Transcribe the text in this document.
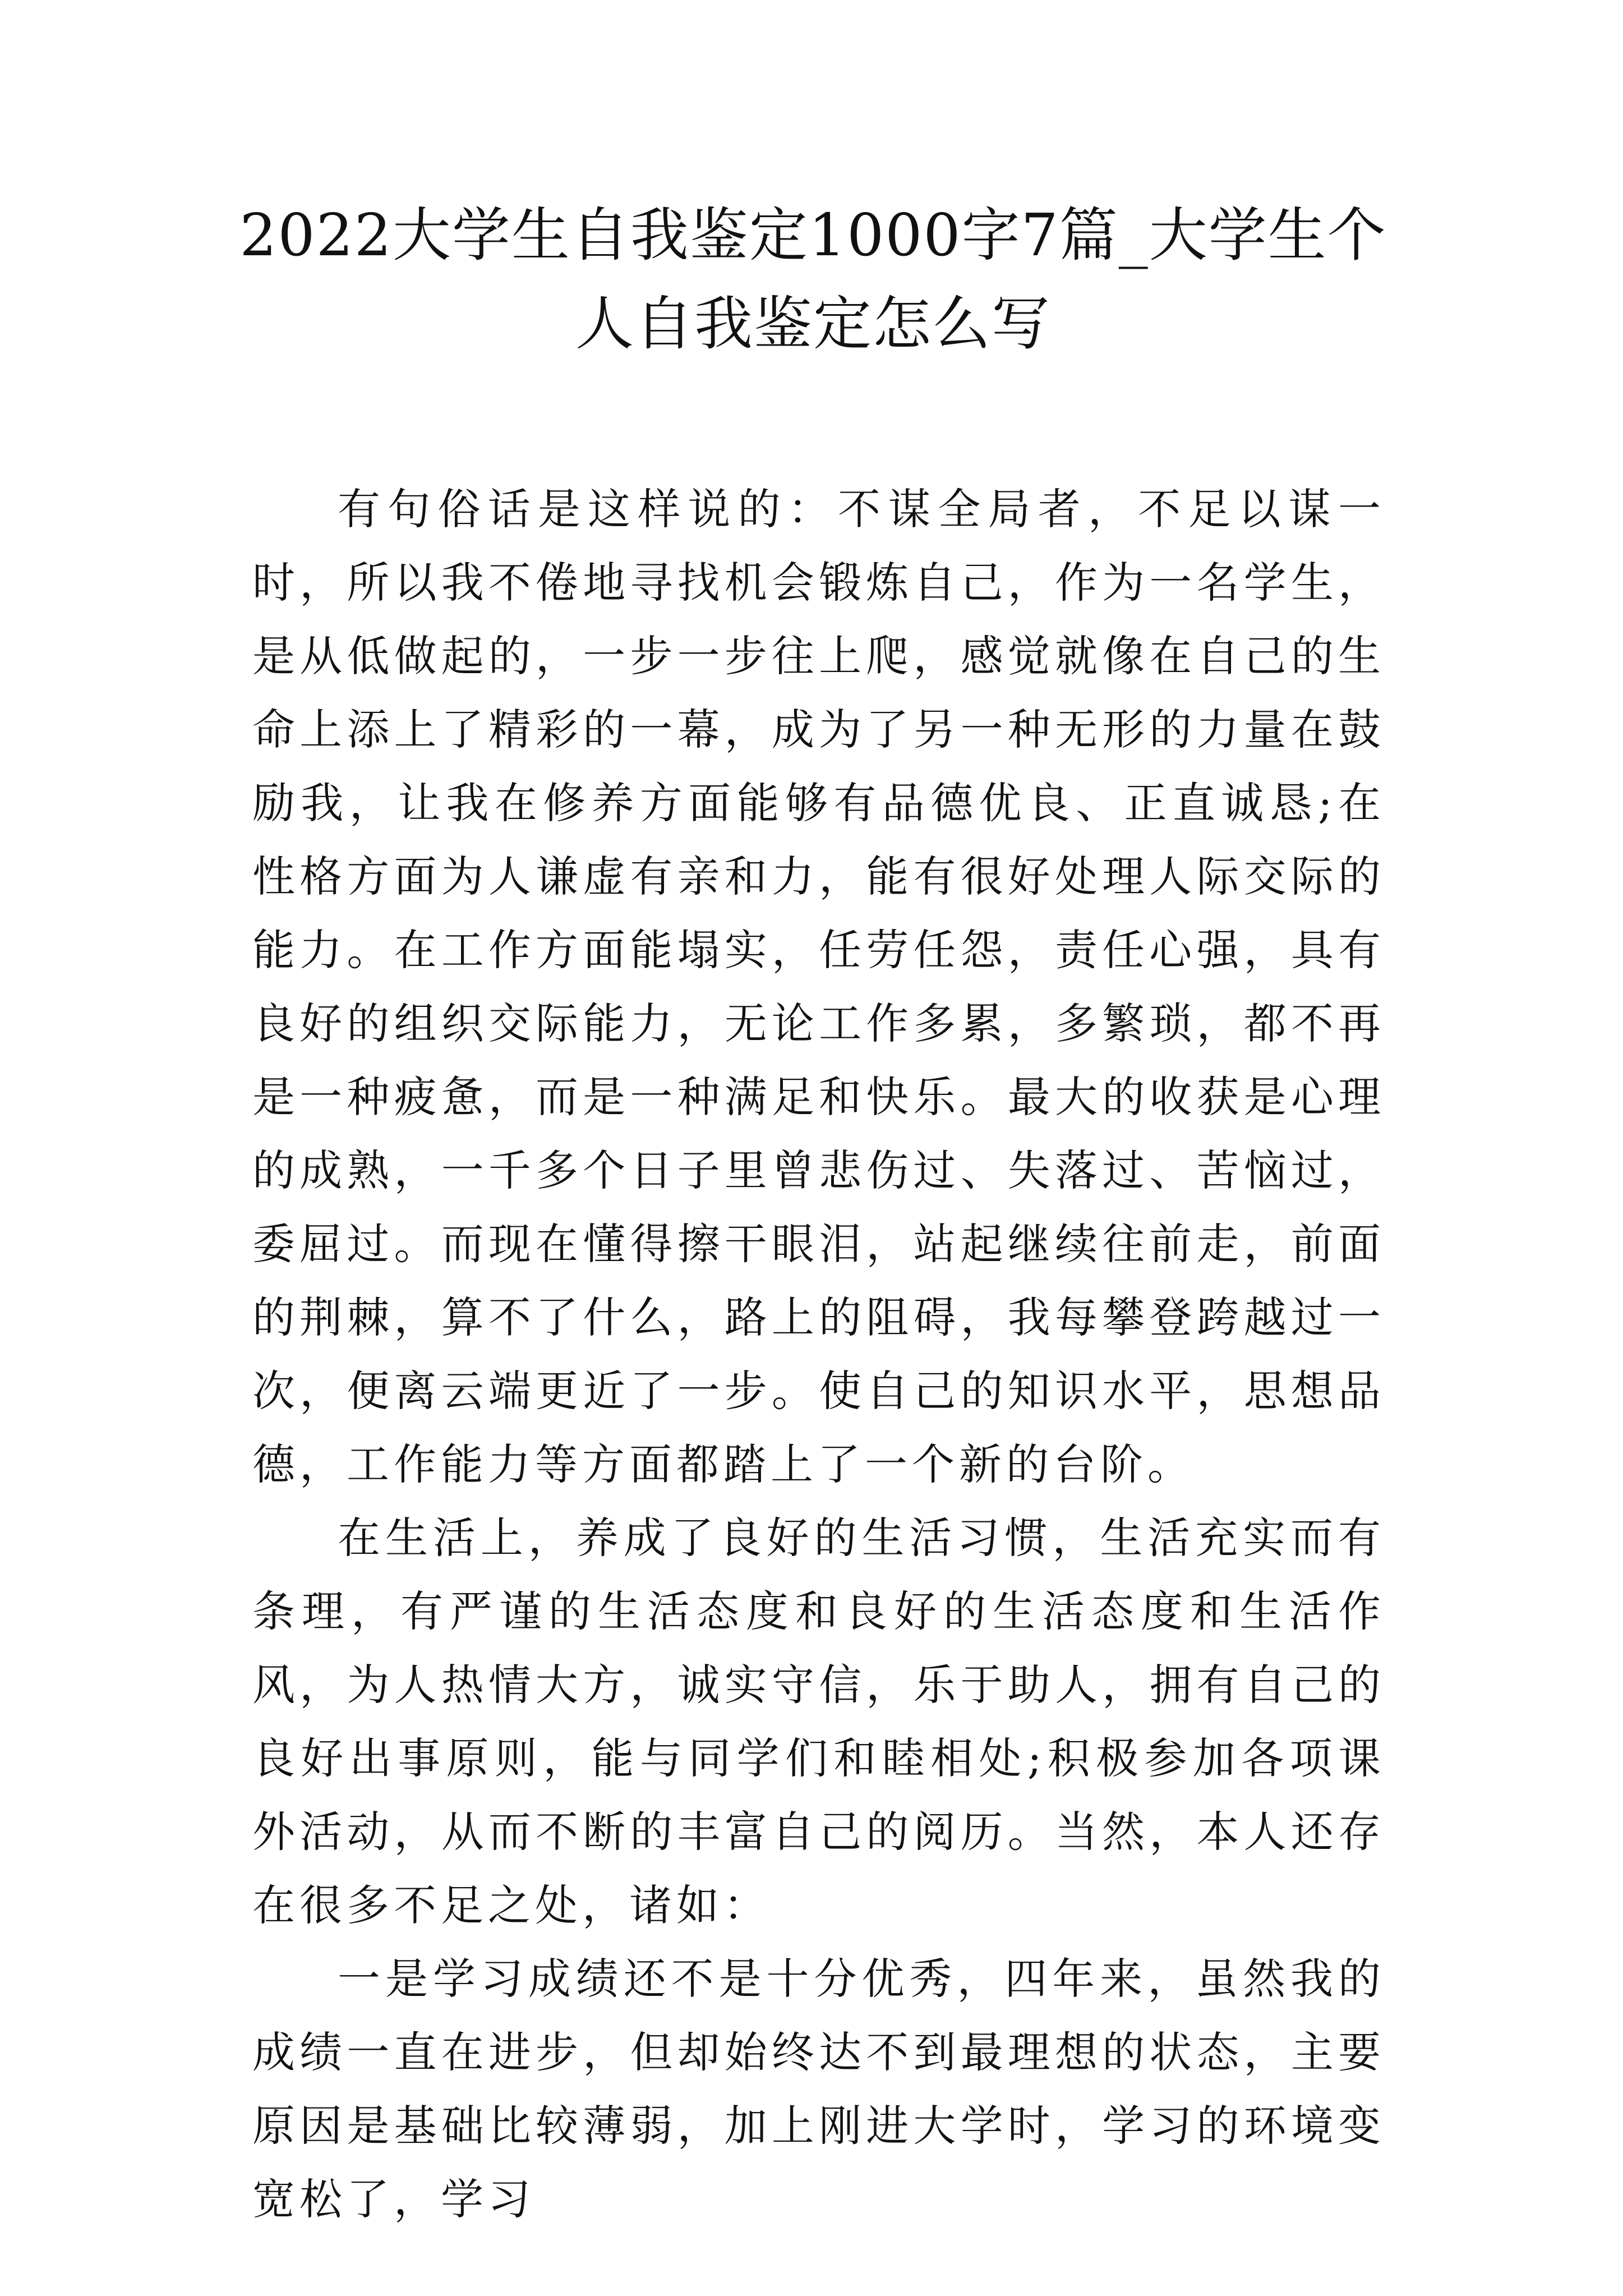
2022大学生自我鉴定1000字7篇_大学生个
人自我鉴定怎么写

有句俗话是这样说的：不谋全局者，不足以谋一时，所以我不倦地寻找机会锻炼自己，作为一名学生，是从低做起的，一步一步往上爬，感觉就像在自己的生命上添上了精彩的一幕，成为了另一种无形的力量在鼓励我，让我在修养方面能够有品德优良、正直诚恳;在性格方面为人谦虚有亲和力，能有很好处理人际交际的能力。在工作方面能塌实，任劳任怨，责任心强，具有良好的组织交际能力，无论工作多累，多繁琐，都不再是一种疲惫，而是一种满足和快乐。最大的收获是心理的成熟，一千多个日子里曾悲伤过、失落过、苦恼过，委屈过。而现在懂得擦干眼泪，站起继续往前走，前面的荆棘，算不了什么，路上的阻碍，我每攀登跨越过一次，便离云端更近了一步。使自己的知识水平，思想品德，工作能力等方面都踏上了一个新的台阶。

在生活上，养成了良好的生活习惯，生活充实而有条理，有严谨的生活态度和良好的生活态度和生活作风，为人热情大方，诚实守信，乐于助人，拥有自己的良好出事原则，能与同学们和睦相处;积极参加各项课外活动，从而不断的丰富自己的阅历。当然，本人还存在很多不足之处，诸如：

一是学习成绩还不是十分优秀，四年来，虽然我的成绩一直在进步，但却始终达不到最理想的状态，主要原因是基础比较薄弱，加上刚进大学时，学习的环境变宽松了，学习
